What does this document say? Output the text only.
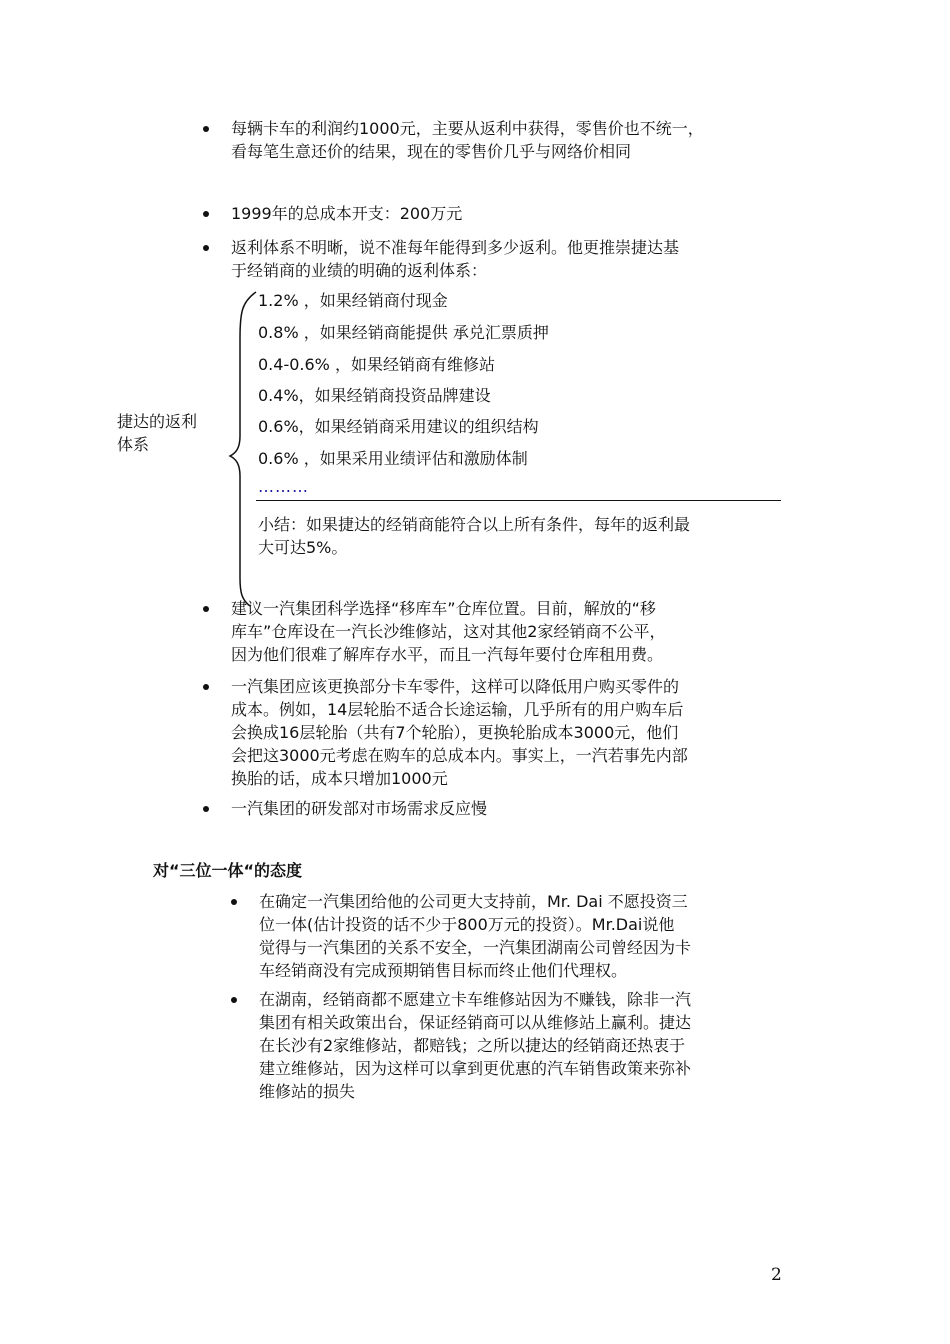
每辆卡车的利润约1000元，主要从返利中获得，零售价也不统一，
看每笔生意还价的结果，现在的零售价几乎与网络价相同
1999年的总成本开支：200万元
返利体系不明晰，说不准每年能得到多少返利。他更推崇捷达基
于经销商的业绩的明确的返利体系：
捷达的返利
体系
1.2% ，如果经销商付现金
0.8% ，如果经销商能提供 承兑汇票质押
0.4-0.6% ，如果经销商有维修站
0.4%，如果经销商投资品牌建设
0.6%，如果经销商采用建议的组织结构
0.6% ，如果采用业绩评估和激励体制
………
小结：如果捷达的经销商能符合以上所有条件，每年的返利最
大可达5%。
建议一汽集团科学选择“移库车”仓库位置。目前，解放的“移
库车”仓库设在一汽长沙维修站，这对其他2家经销商不公平，
因为他们很难了解库存水平，而且一汽每年要付仓库租用费。
一汽集团应该更换部分卡车零件，这样可以降低用户购买零件的
成本。例如，14层轮胎不适合长途运输，几乎所有的用户购车后
会换成16层轮胎（共有7个轮胎），更换轮胎成本3000元，他们
会把这3000元考虑在购车的总成本内。事实上，一汽若事先内部
换胎的话，成本只增加1000元
一汽集团的研发部对市场需求反应慢
对“三位一体“的态度
在确定一汽集团给他的公司更大支持前，Mr. Dai 不愿投资三
位一体(估计投资的话不少于800万元的投资）。Mr.Dai说他
觉得与一汽集团的关系不安全，一汽集团湖南公司曾经因为卡
车经销商没有完成预期销售目标而终止他们代理权。
在湖南，经销商都不愿建立卡车维修站因为不赚钱，除非一汽
集团有相关政策出台，保证经销商可以从维修站上赢利。捷达
在长沙有2家维修站，都赔钱；之所以捷达的经销商还热衷于
建立维修站，因为这样可以拿到更优惠的汽车销售政策来弥补
维修站的损失
2
